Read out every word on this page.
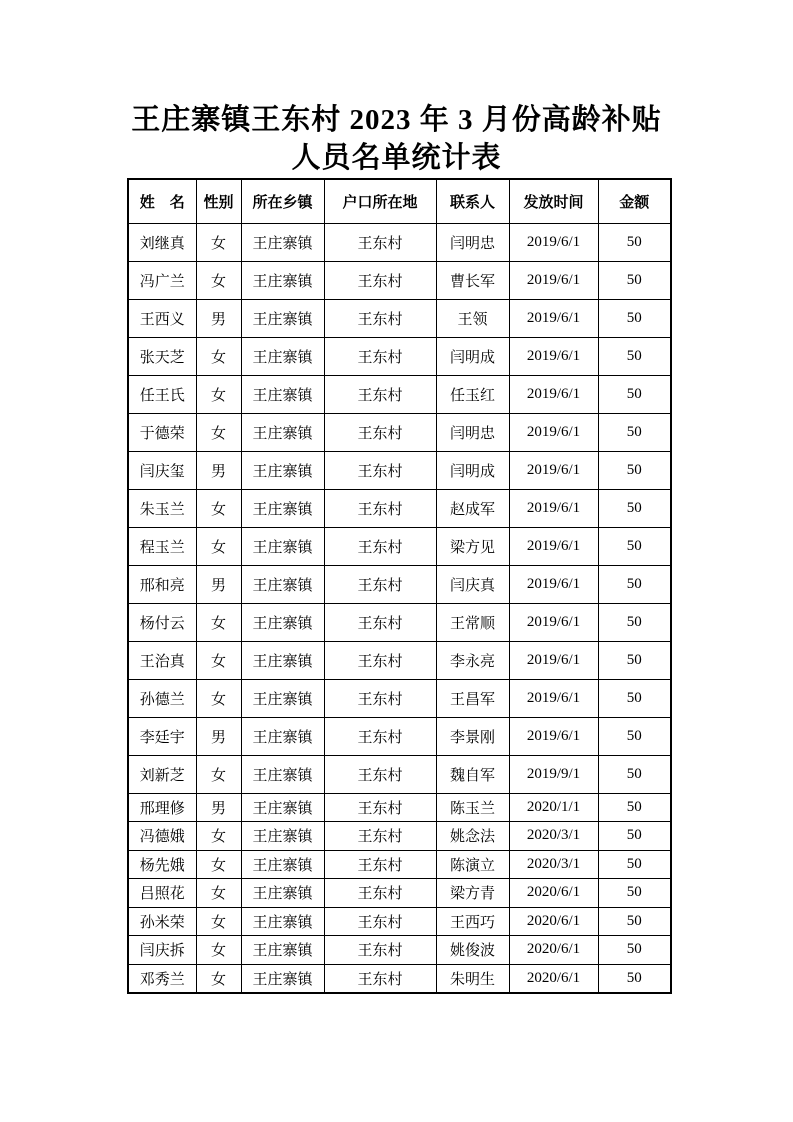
王庄寨镇王东村 2023 年 3 月份高龄补贴
人员名单统计表
姓　名	性别	所在乡镇	户口所在地	联系人	发放时间	金额
刘继真	女	王庄寨镇	王东村	闫明忠	2019/6/1	50
冯广兰	女	王庄寨镇	王东村	曹长军	2019/6/1	50
王西义	男	王庄寨镇	王东村	王领	2019/6/1	50
张天芝	女	王庄寨镇	王东村	闫明成	2019/6/1	50
任王氏	女	王庄寨镇	王东村	任玉红	2019/6/1	50
于德荣	女	王庄寨镇	王东村	闫明忠	2019/6/1	50
闫庆玺	男	王庄寨镇	王东村	闫明成	2019/6/1	50
朱玉兰	女	王庄寨镇	王东村	赵成军	2019/6/1	50
程玉兰	女	王庄寨镇	王东村	梁方见	2019/6/1	50
邢和亮	男	王庄寨镇	王东村	闫庆真	2019/6/1	50
杨付云	女	王庄寨镇	王东村	王常顺	2019/6/1	50
王治真	女	王庄寨镇	王东村	李永亮	2019/6/1	50
孙德兰	女	王庄寨镇	王东村	王昌军	2019/6/1	50
李廷宇	男	王庄寨镇	王东村	李景刚	2019/6/1	50
刘新芝	女	王庄寨镇	王东村	魏自军	2019/9/1	50
邢理修	男	王庄寨镇	王东村	陈玉兰	2020/1/1	50
冯德娥	女	王庄寨镇	王东村	姚念法	2020/3/1	50
杨先娥	女	王庄寨镇	王东村	陈演立	2020/3/1	50
吕照花	女	王庄寨镇	王东村	梁方青	2020/6/1	50
孙米荣	女	王庄寨镇	王东村	王西巧	2020/6/1	50
闫庆拆	女	王庄寨镇	王东村	姚俊波	2020/6/1	50
邓秀兰	女	王庄寨镇	王东村	朱明生	2020/6/1	50
